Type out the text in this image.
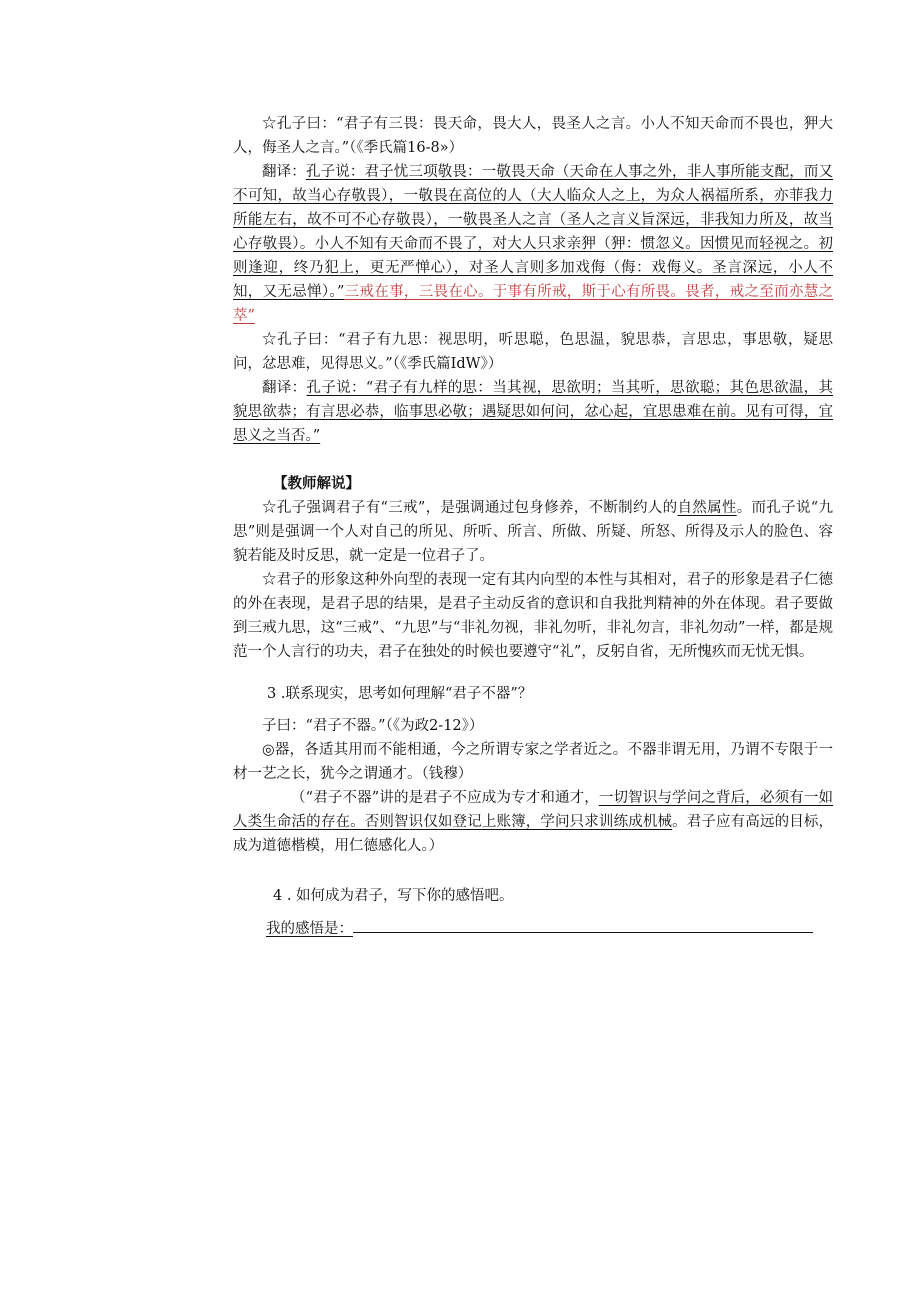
☆孔子曰：“君子有三畏：畏天命，畏大人，畏圣人之言。小人不知天命而不畏也，狎大人，侮圣人之言。”（《季氏篇16-8»）

翻译：孔子说：君子忧三项敬畏：一敬畏天命（天命在人事之外，非人事所能支配，而又不可知，故当心存敬畏），一敬畏在高位的人（大人临众人之上，为众人祸福所系，亦菲我力所能左右，故不可不心存敬畏），一敬畏圣人之言（圣人之言义旨深远，非我知力所及，故当心存敬畏）。小人不知有天命而不畏了，对大人只求亲狎（狎：惯忽义。因惯见而轻视之。初则逢迎，终乃犯上，更无严惮心），对圣人言则多加戏侮（侮：戏侮义。圣言深远，小人不知，又无忌惮）。”三戒在事，三畏在心。于事有所戒，斯于心有所畏。畏者，戒之至而亦慧之萃”

☆孔子曰：“君子有九思：视思明，听思聪，色思温，貌思恭，言思忠，事思敬，疑思问，忿思难，见得思义。”（《季氏篇IdW》）

翻译：孔子说：“君子有九样的思：当其视，思欲明；当其听，思欲聪；其色思欲温，其貌思欲恭；有言思必恭，临事思必敬；遇疑思如何问，忿心起，宜思患难在前。见有可得，宜思义之当否。”

【教师解说】

☆孔子强调君子有“三戒”，是强调通过包身修养，不断制约人的自然属性。而孔子说“九思”则是强调一个人对自己的所见、所听、所言、所做、所疑、所怒、所得及示人的脸色、容貌若能及时反思，就一定是一位君子了。

☆君子的形象这种外向型的表现一定有其内向型的本性与其相对，君子的形象是君子仁德的外在表现，是君子思的结果，是君子主动反省的意识和自我批判精神的外在体现。君子要做到三戒九思，这“三戒”、“九思”与“非礼勿视，非礼勿听，非礼勿言，非礼勿动”一样，都是规范一个人言行的功夫，君子在独处的时候也要遵守“礼”，反躬自省，无所愧疚而无忧无惧。

3 .联系现实，思考如何理解“君子不器”？

子曰：“君子不器。”（《为政2-12》）

◎器，各适其用而不能相通，今之所谓专家之学者近之。不器非谓无用，乃谓不专限于一材一艺之长，犹今之谓通才。（钱穆）

（“君子不器”讲的是君子不应成为专才和通才，一切智识与学问之背后，必须有一如人类生命活的存在。否则智识仅如登记上账簿，学问只求训练成机械。君子应有高远的目标，成为道德楷模，用仁德感化人。）

4 . 如何成为君子，写下你的感悟吧。

我的感悟是：
